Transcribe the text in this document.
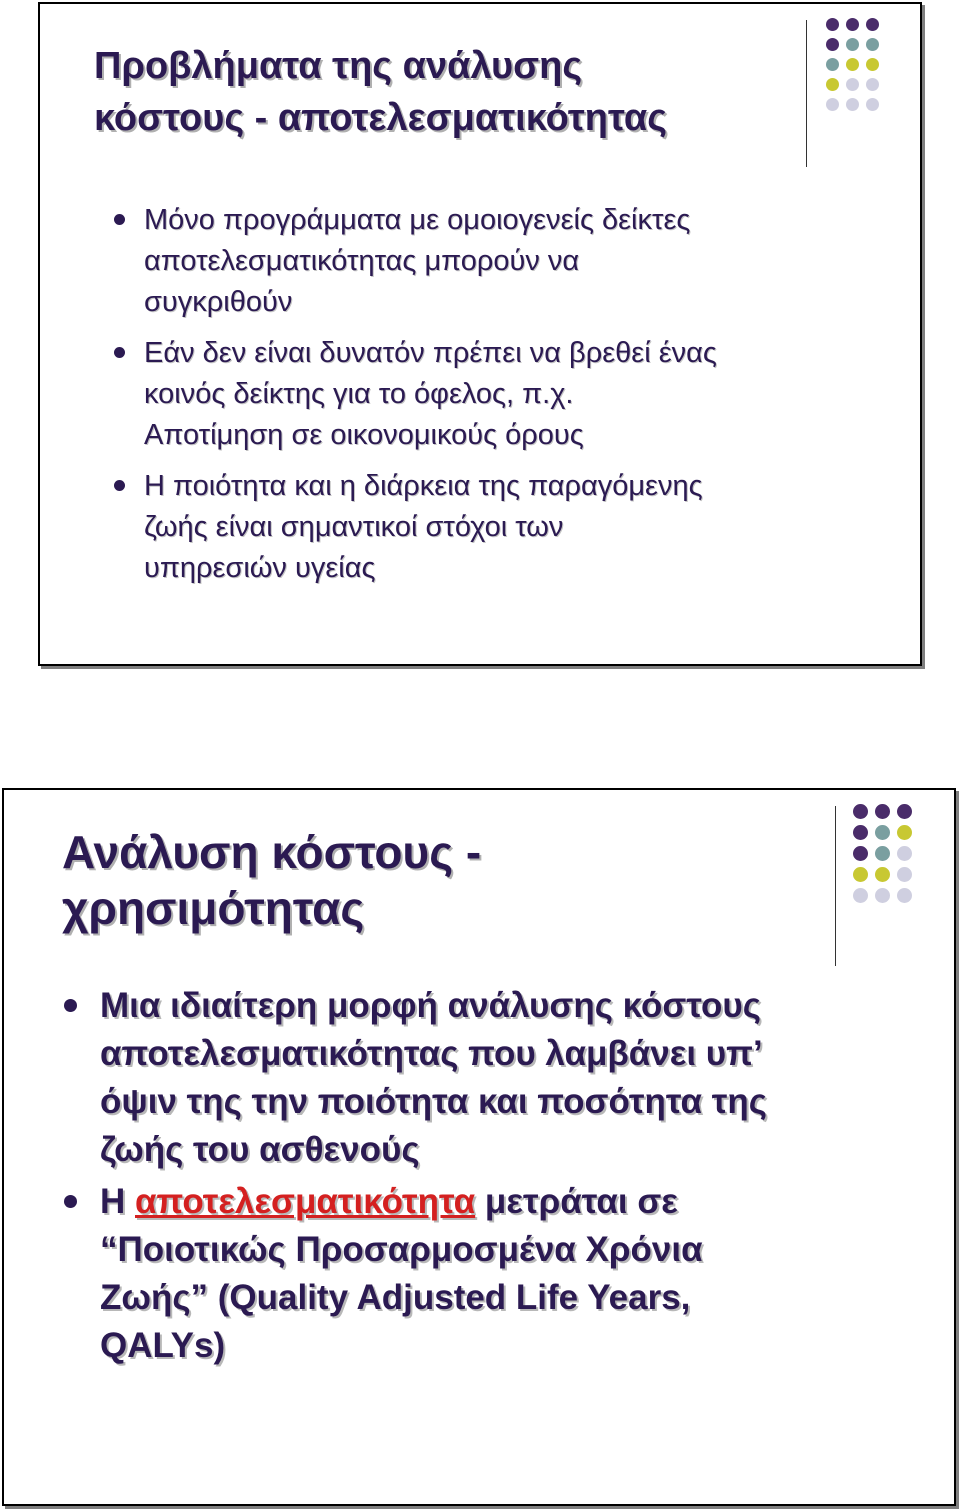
Προβλήματα της ανάλυσης
κόστους - αποτελεσματικότητας
Μόνο προγράμματα με ομοιογενείς δείκτες
αποτελεσματικότητας μπορούν να
συγκριθούν
Εάν δεν είναι δυνατόν πρέπει να βρεθεί ένας
κοινός δείκτης για το όφελος, π.χ.
Αποτίμηση σε οικονομικούς όρους
Η ποιότητα και η διάρκεια της παραγόμενης
ζωής είναι σημαντικοί στόχοι των
υπηρεσιών υγείας
Ανάλυση κόστους -
χρησιμότητας
Μια ιδιαίτερη μορφή ανάλυσης κόστους
αποτελεσματικότητας που λαμβάνει υπ’
όψιν της την ποιότητα και ποσότητα της
ζωής του ασθενούς
Η αποτελεσματικότητα μετράται σε
“Ποιοτικώς Προσαρμοσμένα Χρόνια
Ζωής” (Quality Adjusted Life Years,
QALYs)
